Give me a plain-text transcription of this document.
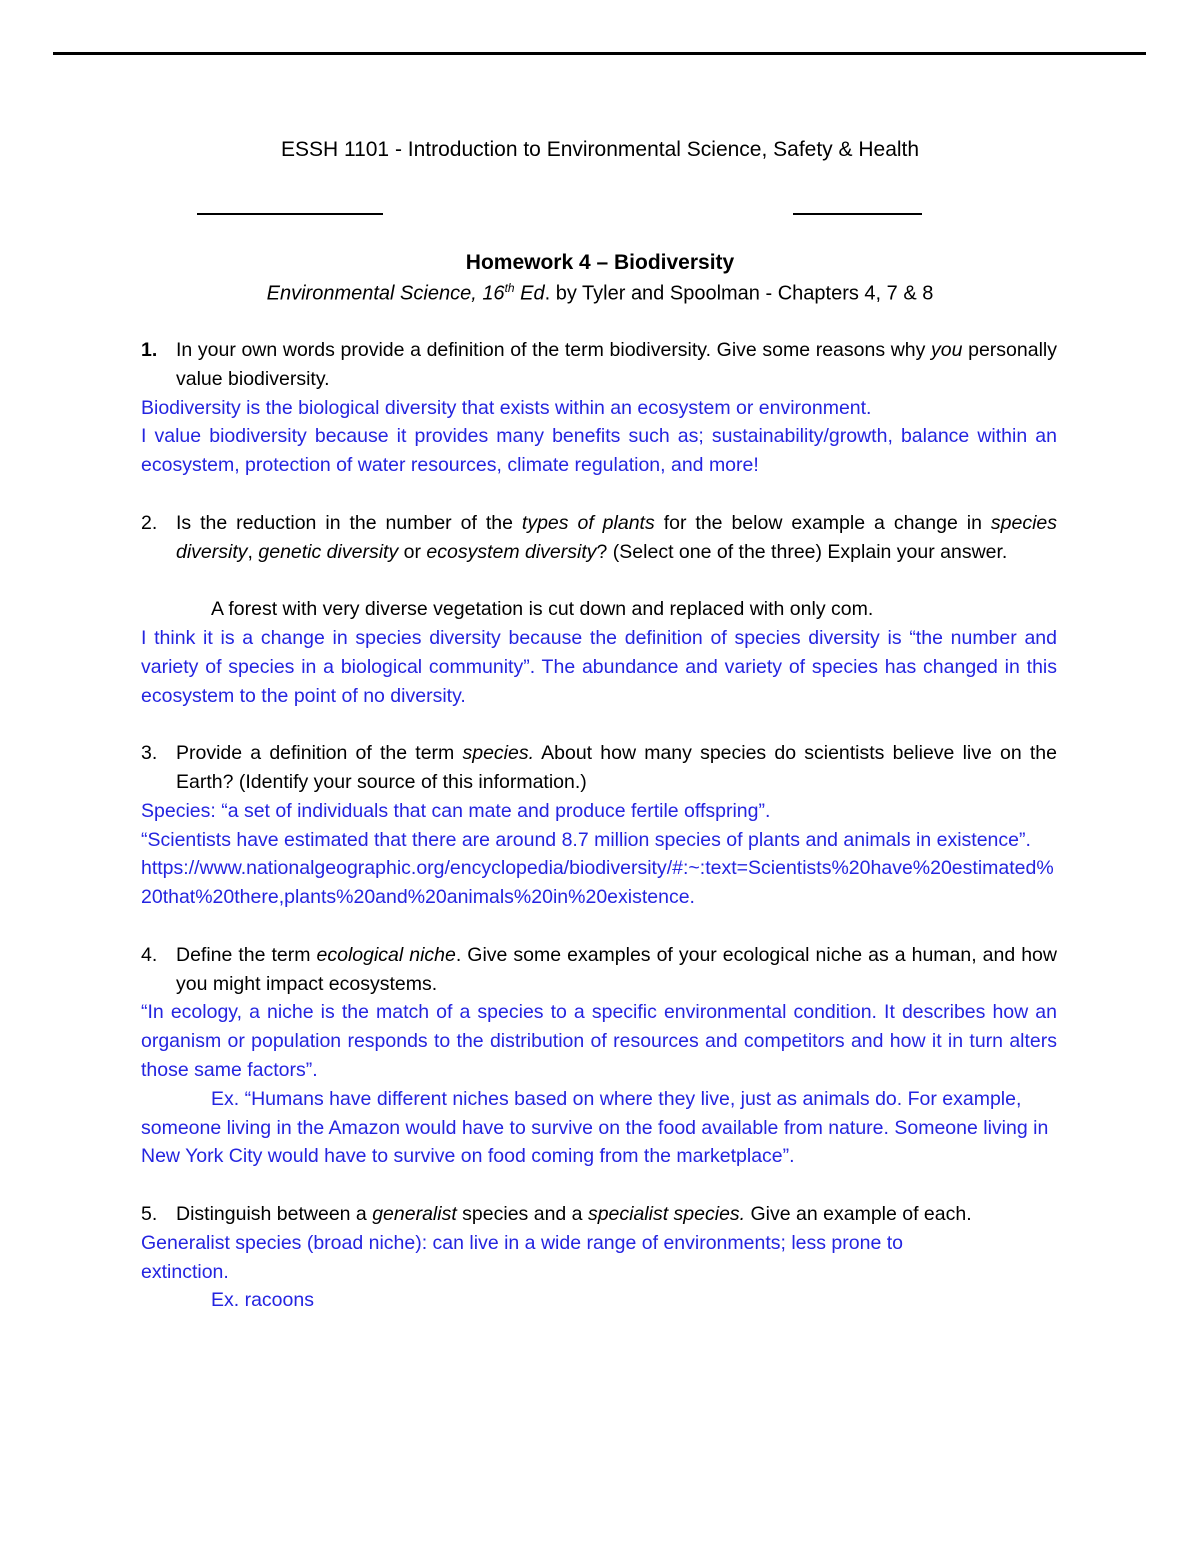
ESSH 1101 - Introduction to Environmental Science, Safety & Health
Homework 4 – Biodiversity
Environmental Science, 16th Ed. by Tyler and Spoolman - Chapters 4, 7 & 8
1. In your own words provide a definition of the term biodiversity. Give some reasons why you personally value biodiversity.
Biodiversity is the biological diversity that exists within an ecosystem or environment.
I value biodiversity because it provides many benefits such as; sustainability/growth, balance within an ecosystem, protection of water resources, climate regulation, and more!
2. Is the reduction in the number of the types of plants for the below example a change in species diversity, genetic diversity or ecosystem diversity? (Select one of the three) Explain your answer.
A forest with very diverse vegetation is cut down and replaced with only com.
I think it is a change in species diversity because the definition of species diversity is “the number and variety of species in a biological community”. The abundance and variety of species has changed in this ecosystem to the point of no diversity.
3. Provide a definition of the term species. About how many species do scientists believe live on the Earth? (Identify your source of this information.)
Species: “a set of individuals that can mate and produce fertile offspring”.
“Scientists have estimated that there are around 8.7 million species of plants and animals in existence”.
https://www.nationalgeographic.org/encyclopedia/biodiversity/#:~:text=Scientists%20have%20estimated%20that%20there,plants%20and%20animals%20in%20existence.
4. Define the term ecological niche. Give some examples of your ecological niche as a human, and how you might impact ecosystems.
“In ecology, a niche is the match of a species to a specific environmental condition. It describes how an organism or population responds to the distribution of resources and competitors and how it in turn alters those same factors”.
Ex. “Humans have different niches based on where they live, just as animals do. For example, someone living in the Amazon would have to survive on the food available from nature. Someone living in New York City would have to survive on food coming from the marketplace”.
5. Distinguish between a generalist species and a specialist species. Give an example of each.
Generalist species (broad niche): can live in a wide range of environments; less prone to extinction.
Ex. racoons
